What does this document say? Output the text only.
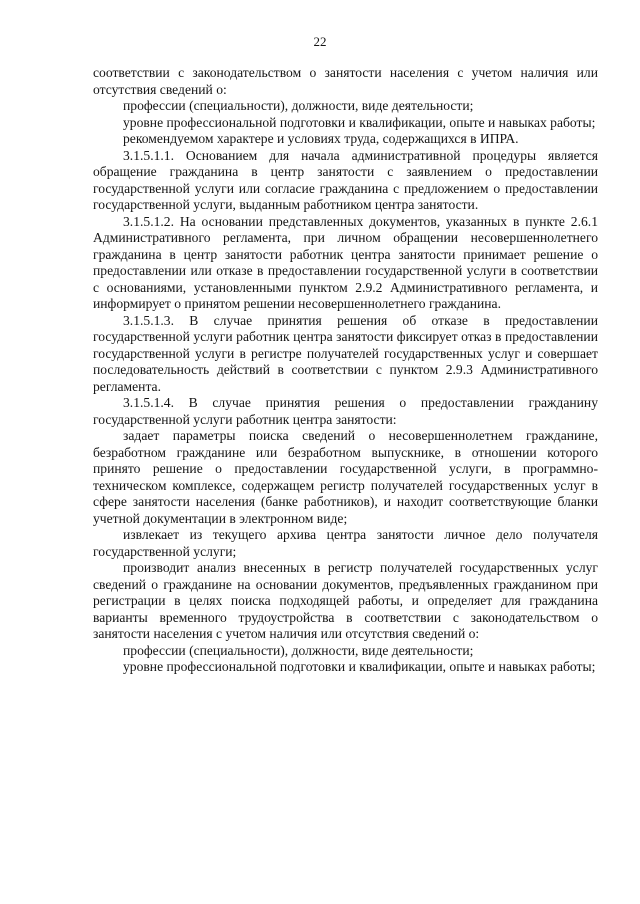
22

соответствии с законодательством о занятости населения с учетом наличия или отсутствия сведений о:

профессии (специальности), должности, виде деятельности;

уровне профессиональной подготовки и квалификации, опыте и навыках работы;

рекомендуемом характере и условиях труда, содержащихся в ИПРА.

3.1.5.1.1. Основанием для начала административной процедуры является обращение гражданина в центр занятости с заявлением о предоставлении государственной услуги или согласие гражданина с предложением о предоставлении государственной услуги, выданным работником центра занятости.

3.1.5.1.2. На основании представленных документов, указанных в пункте 2.6.1 Административного регламента, при личном обращении несовершеннолетнего гражданина в центр занятости работник центра занятости принимает решение о предоставлении или отказе в предоставлении государственной услуги в соответствии с основаниями, установленными пунктом 2.9.2 Административного регламента, и информирует о принятом решении несовершеннолетнего гражданина.

3.1.5.1.3. В случае принятия решения об отказе в предоставлении государственной услуги работник центра занятости фиксирует отказ в предоставлении государственной услуги в регистре получателей государственных услуг и совершает последовательность действий в соответствии с пунктом 2.9.3 Административного регламента.

3.1.5.1.4. В случае принятия решения о предоставлении гражданину государственной услуги работник центра занятости:

задает параметры поиска сведений о несовершеннолетнем гражданине, безработном гражданине или безработном выпускнике, в отношении которого принято решение о предоставлении государственной услуги, в программно-техническом комплексе, содержащем регистр получателей государственных услуг в сфере занятости населения (банке работников), и находит соответствующие бланки учетной документации в электронном виде;

извлекает из текущего архива центра занятости личное дело получателя государственной услуги;

производит анализ внесенных в регистр получателей государственных услуг сведений о гражданине на основании документов, предъявленных гражданином при регистрации в целях поиска подходящей работы, и определяет для гражданина варианты временного трудоустройства в соответствии с законодательством о занятости населения с учетом наличия или отсутствия сведений о:

профессии (специальности), должности, виде деятельности;

уровне профессиональной подготовки и квалификации, опыте и навыках работы;
